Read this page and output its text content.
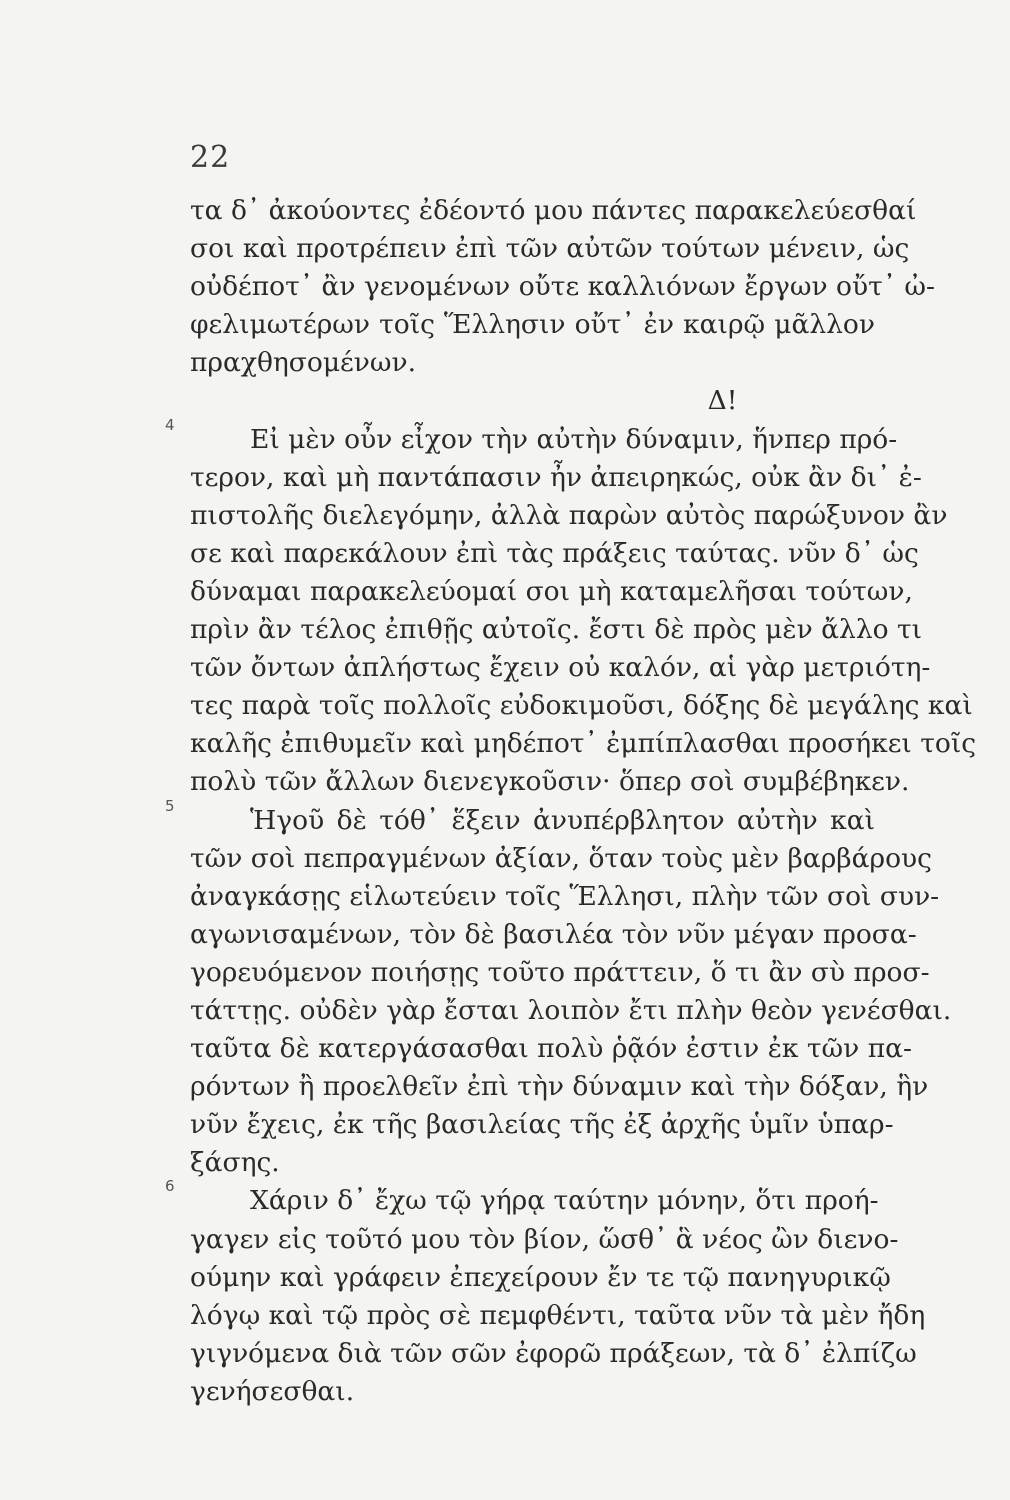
22
τα δ᾽ ἀκούοντες ἐδέοντό μου πάντες παρακελεύεσθαί
σοι καὶ προτρέπειν ἐπὶ τῶν αὐτῶν τούτων μένειν, ὡς
οὐδέποτ᾽ ἂν γενομένων οὔτε καλλιόνων ἔργων οὔτ᾽ ὠ-
φελιμωτέρων τοῖς Ἕλλησιν οὔτ᾽ ἐν καιρῷ μᾶλλον
πραχθησομένων.
Δ!
4	Εἰ μὲν οὖν εἶχον τὴν αὐτὴν δύναμιν, ἥνπερ πρό-
τερον, καὶ μὴ παντάπασιν ἦν ἀπειρηκώς, οὐκ ἂν δι᾽ ἐ-
πιστολῆς διελεγόμην, ἀλλὰ παρὼν αὐτὸς παρώξυνον ἂν
σε καὶ παρεκάλουν ἐπὶ τὰς πράξεις ταύτας. νῦν δ᾽ ὡς
δύναμαι παρακελεύομαί σοι μὴ καταμελῆσαι τούτων,
πρὶν ἂν τέλος ἐπιθῇς αὐτοῖς. ἔστι δὲ πρὸς μὲν ἄλλο τι
τῶν ὄντων ἀπλήστως ἔχειν οὐ καλόν, αἱ γὰρ μετριότη-
τες παρὰ τοῖς πολλοῖς εὐδοκιμοῦσι, δόξης δὲ μεγάλης καὶ
καλῆς ἐπιθυμεῖν καὶ μηδέποτ᾽ ἐμπίπλασθαι προσήκει τοῖς
πολὺ τῶν ἄλλων διενεγκοῦσιν· ὅπερ σοὶ συμβέβηκεν.
5	Ἡγοῦ δὲ τόθ᾽ ἕξειν ἀνυπέρβλητον αὐτὴν καὶ
τῶν σοὶ πεπραγμένων ἀξίαν, ὅταν τοὺς μὲν βαρβάρους
ἀναγκάσῃς εἱλωτεύειν τοῖς Ἕλλησι, πλὴν τῶν σοὶ συν-
αγωνισαμένων, τὸν δὲ βασιλέα τὸν νῦν μέγαν προσα-
γορευόμενον ποιήσῃς τοῦτο πράττειν, ὅ τι ἂν σὺ προσ-
τάττῃς. οὐδὲν γὰρ ἔσται λοιπὸν ἔτι πλὴν θεὸν γενέσθαι.
ταῦτα δὲ κατεργάσασθαι πολὺ ῥᾷόν ἐστιν ἐκ τῶν πα-
ρόντων ἢ προελθεῖν ἐπὶ τὴν δύναμιν καὶ τὴν δόξαν, ἣν
νῦν ἔχεις, ἐκ τῆς βασιλείας τῆς ἐξ ἀρχῆς ὑμῖν ὑπαρ-
ξάσης.
6	Χάριν δ᾽ ἔχω τῷ γήρᾳ ταύτην μόνην, ὅτι προή-
γαγεν εἰς τοῦτό μου τὸν βίον, ὥσθ᾽ ἃ νέος ὢν διενο-
ούμην καὶ γράφειν ἐπεχείρουν ἔν τε τῷ πανηγυρικῷ
λόγῳ καὶ τῷ πρὸς σὲ πεμφθέντι, ταῦτα νῦν τὰ μὲν ἤδη
γιγνόμενα διὰ τῶν σῶν ἐφορῶ πράξεων, τὰ δ᾽ ἐλπίζω
γενήσεσθαι.
